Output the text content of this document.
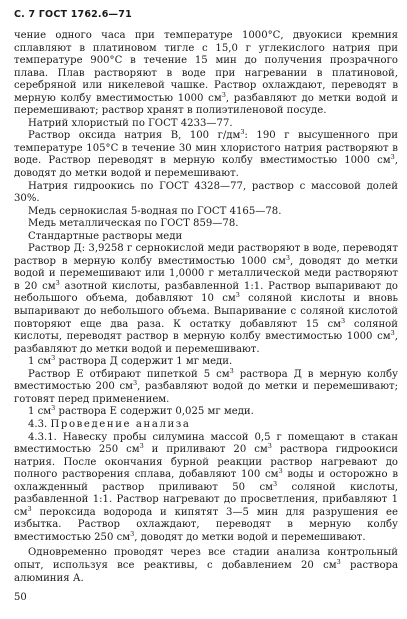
С. 7 ГОСТ 1762.6—71

чение одного часа при температуре 1000°С, двуокиси кремния сплавляют в платиновом тигле с 15,0 г углекислого натрия при температуре 900°С в течение 15 мин до получения прозрачного плава. Плав растворяют в воде при нагревании в платиновой, серебряной или никелевой чашке. Раствор охлаждают, переводят в мерную колбу вместимостью 1000 $см^3$, разбавляют до метки водой и перемешивают; раствор хранят в полиэтиленовой посуде.

Натрий хлористый по ГОСТ 4233—77.

Раствор оксида натрия В, 100 $г/дм^3$: 190 г высушенного при температуре 105°С в течение 30 мин хлористого натрия растворяют в воде. Раствор переводят в мерную колбу вместимостью 1000 $см^3$, доводят до метки водой и перемешивают.

Натрия гидроокись по ГОСТ 4328—77, раствор с массовой долей 30%.

Медь сернокислая 5-водная по ГОСТ 4165—78.

Медь металлическая по ГОСТ 859—78.

Стандартные растворы меди

Раствор Д: 3,9258 г сернокислой меди растворяют в воде, переводят раствор в мерную колбу вместимостью 1000 $см^3$, доводят до метки водой и перемешивают или 1,0000 г металлической меди растворяют в 20 $см^3$ азотной кислоты, разбавленной 1:1. Раствор выпаривают до небольшого объема, добавляют 10 $см^3$ соляной кислоты и вновь выпаривают до небольшого объема. Выпаривание с соляной кислотой повторяют еще два раза. К остатку добавляют 15 $см^3$ соляной кислоты, переводят раствор в мерную колбу вместимостью 1000 $см^3$, разбавляют до метки водой и перемешивают.

1 $см^3$ раствора Д содержит 1 мг меди.

Раствор Е отбирают пипеткой 5 $см^3$ раствора Д в мерную колбу вместимостью 200 $см^3$, разбавляют водой до метки и перемешивают; готовят перед применением.

1 $см^3$ раствора Е содержит 0,025 мг меди.

4.3. Проведение анализа

4.3.1. Навеску пробы силумина массой 0,5 г помещают в стакан вместимостью 250 $см^3$ и приливают 20 $см^3$ раствора гидроокиси натрия. После окончания бурной реакции раствор нагревают до полного растворения сплава, добавляют 100 $см^3$ воды и осторожно в охлажденный раствор приливают 50 $см^3$ соляной кислоты, разбавленной 1:1. Раствор нагревают до просветления, прибавляют 1 $см^3$ пероксида водорода и кипятят 3—5 мин для разрушения ее избытка. Раствор охлаждают, переводят в мерную колбу вместимостью 250 $см^3$, доводят до метки водой и перемешивают.

Одновременно проводят через все стадии анализа контрольный опыт, используя все реактивы, с добавлением 20 $см^3$ раствора алюминия А.

50
